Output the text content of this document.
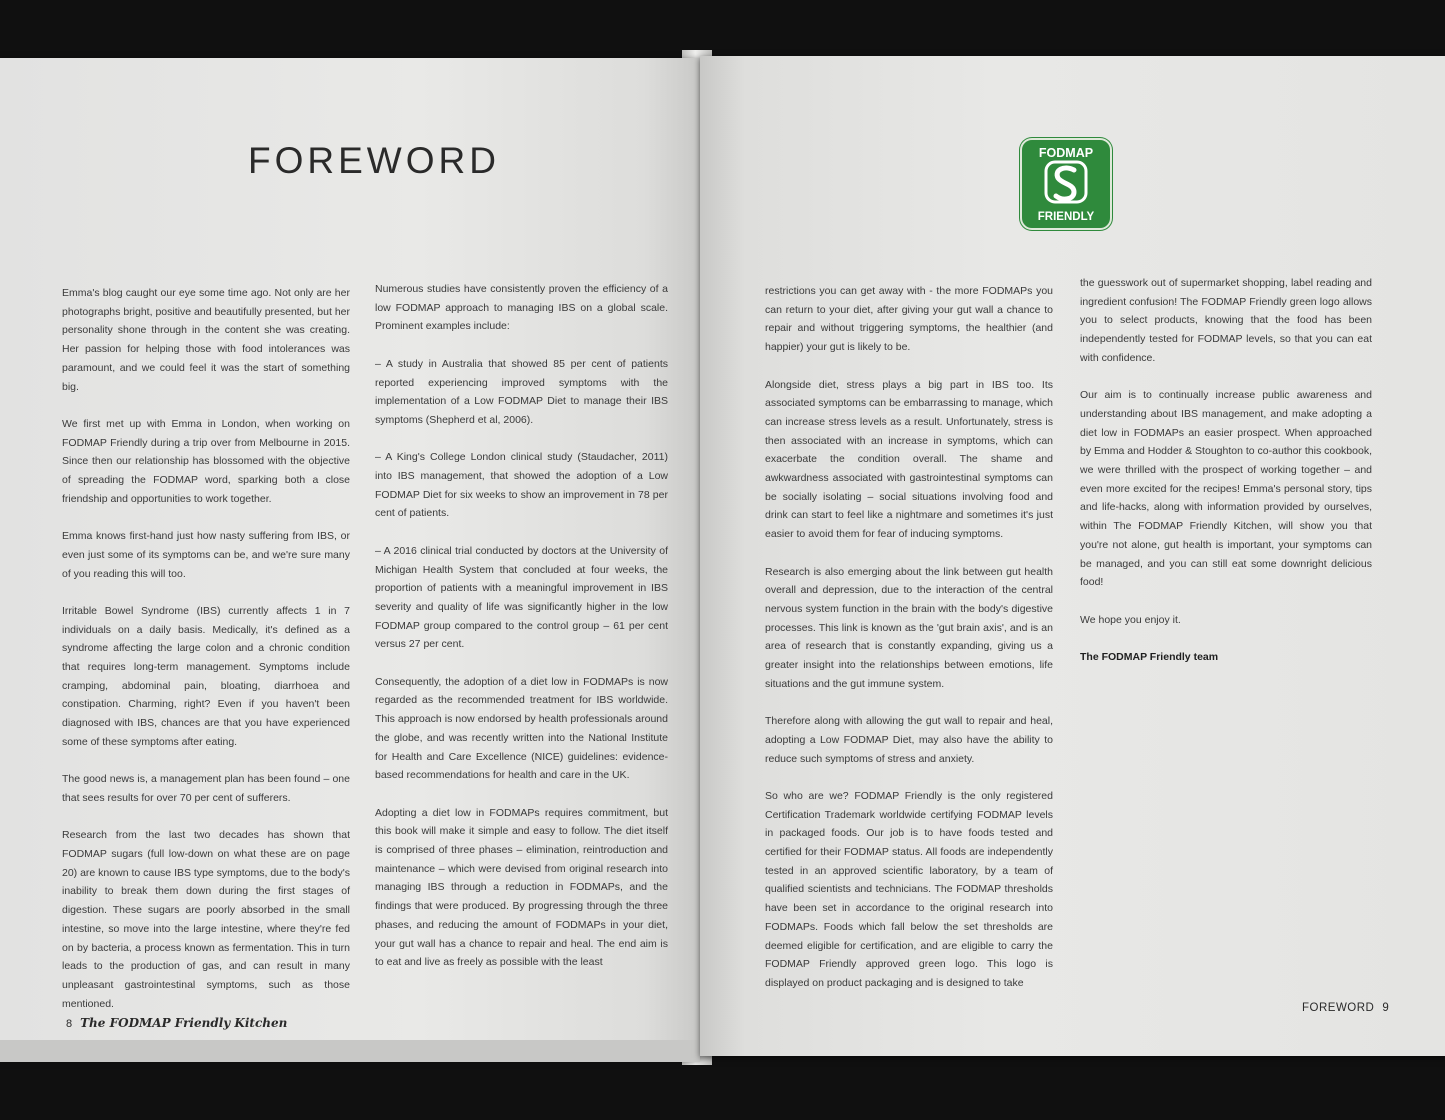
FOREWORD

Emma's blog caught our eye some time ago. Not only are her photographs bright, positive and beautifully presented, but her personality shone through in the content she was creating. Her passion for helping those with food intolerances was paramount, and we could feel it was the start of something big.

We first met up with Emma in London, when working on FODMAP Friendly during a trip over from Melbourne in 2015. Since then our relationship has blossomed with the objective of spreading the FODMAP word, sparking both a close friendship and opportunities to work together.

Emma knows first-hand just how nasty suffering from IBS, or even just some of its symptoms can be, and we're sure many of you reading this will too.

Irritable Bowel Syndrome (IBS) currently affects 1 in 7 individuals on a daily basis. Medically, it's defined as a syndrome affecting the large colon and a chronic condition that requires long-term management. Symptoms include cramping, abdominal pain, bloating, diarrhoea and constipation. Charming, right? Even if you haven't been diagnosed with IBS, chances are that you have experienced some of these symptoms after eating.

The good news is, a management plan has been found – one that sees results for over 70 per cent of sufferers.

Research from the last two decades has shown that FODMAP sugars (full low-down on what these are on page 20) are known to cause IBS type symptoms, due to the body's inability to break them down during the first stages of digestion. These sugars are poorly absorbed in the small intestine, so move into the large intestine, where they're fed on by bacteria, a process known as fermentation. This in turn leads to the production of gas, and can result in many unpleasant gastrointestinal symptoms, such as those mentioned.

Numerous studies have consistently proven the efficiency of a low FODMAP approach to managing IBS on a global scale. Prominent examples include:

– A study in Australia that showed 85 per cent of patients reported experiencing improved symptoms with the implementation of a Low FODMAP Diet to manage their IBS symptoms (Shepherd et al, 2006).

– A King's College London clinical study (Staudacher, 2011) into IBS management, that showed the adoption of a Low FODMAP Diet for six weeks to show an improvement in 78 per cent of patients.

– A 2016 clinical trial conducted by doctors at the University of Michigan Health System that concluded at four weeks, the proportion of patients with a meaningful improvement in IBS severity and quality of life was significantly higher in the low FODMAP group compared to the control group – 61 per cent versus 27 per cent.

Consequently, the adoption of a diet low in FODMAPs is now regarded as the recommended treatment for IBS worldwide. This approach is now endorsed by health professionals around the globe, and was recently written into the National Institute for Health and Care Excellence (NICE) guidelines: evidence-based recommendations for health and care in the UK.

Adopting a diet low in FODMAPs requires commitment, but this book will make it simple and easy to follow. The diet itself is comprised of three phases – elimination, reintroduction and maintenance – which were devised from original research into managing IBS through a reduction in FODMAPs, and the findings that were produced. By progressing through the three phases, and reducing the amount of FODMAPs in your diet, your gut wall has a chance to repair and heal. The end aim is to eat and live as freely as possible with the least

8 The FODMAP Friendly Kitchen
FODMAP
FRIENDLY

restrictions you can get away with - the more FODMAPs you can return to your diet, after giving your gut wall a chance to repair and without triggering symptoms, the healthier (and happier) your gut is likely to be.

Alongside diet, stress plays a big part in IBS too. Its associated symptoms can be embarrassing to manage, which can increase stress levels as a result. Unfortunately, stress is then associated with an increase in symptoms, which can exacerbate the condition overall. The shame and awkwardness associated with gastrointestinal symptoms can be socially isolating – social situations involving food and drink can start to feel like a nightmare and sometimes it's just easier to avoid them for fear of inducing symptoms.

Research is also emerging about the link between gut health overall and depression, due to the interaction of the central nervous system function in the brain with the body's digestive processes. This link is known as the 'gut brain axis', and is an area of research that is constantly expanding, giving us a greater insight into the relationships between emotions, life situations and the gut immune system.

Therefore along with allowing the gut wall to repair and heal, adopting a Low FODMAP Diet, may also have the ability to reduce such symptoms of stress and anxiety.

So who are we? FODMAP Friendly is the only registered Certification Trademark worldwide certifying FODMAP levels in packaged foods. Our job is to have foods tested and certified for their FODMAP status. All foods are independently tested in an approved scientific laboratory, by a team of qualified scientists and technicians. The FODMAP thresholds have been set in accordance to the original research into FODMAPs. Foods which fall below the set thresholds are deemed eligible for certification, and are eligible to carry the FODMAP Friendly approved green logo. This logo is displayed on product packaging and is designed to take

the guesswork out of supermarket shopping, label reading and ingredient confusion! The FODMAP Friendly green logo allows you to select products, knowing that the food has been independently tested for FODMAP levels, so that you can eat with confidence.

Our aim is to continually increase public awareness and understanding about IBS management, and make adopting a diet low in FODMAPs an easier prospect. When approached by Emma and Hodder & Stoughton to co-author this cookbook, we were thrilled with the prospect of working together – and even more excited for the recipes! Emma's personal story, tips and life-hacks, along with information provided by ourselves, within The FODMAP Friendly Kitchen, will show you that you're not alone, gut health is important, your symptoms can be managed, and you can still eat some downright delicious food!

We hope you enjoy it.

The FODMAP Friendly team

FOREWORD 9
